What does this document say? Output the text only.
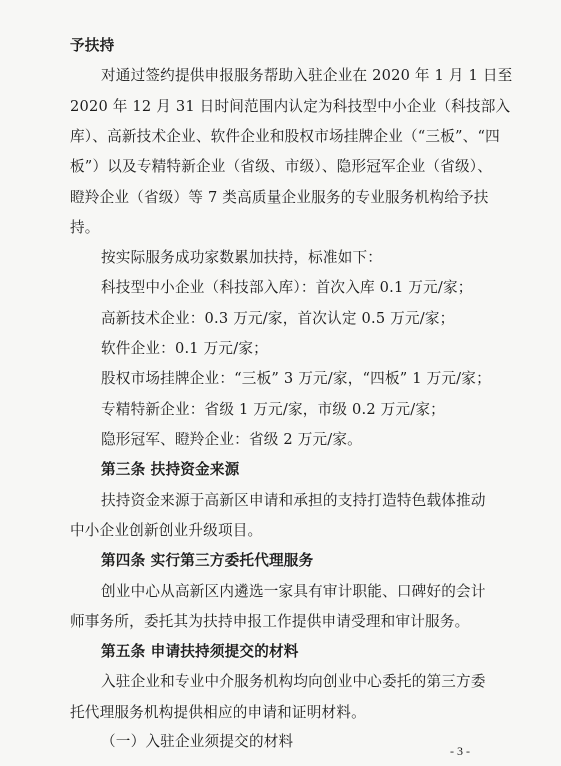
予扶持
对通过签约提供申报服务帮助入驻企业在 2020 年 1 月 1 日至
2020 年 12 月 31 日时间范围内认定为科技型中小企业（科技部入
库）、高新技术企业、软件企业和股权市场挂牌企业（“三板”、“四
板”）以及专精特新企业（省级、市级）、隐形冠军企业（省级）、
瞪羚企业（省级）等 7 类高质量企业服务的专业服务机构给予扶
持。
按实际服务成功家数累加扶持，标准如下：
科技型中小企业（科技部入库）：首次入库 0.1 万元/家；
高新技术企业：0.3 万元/家，首次认定 0.5 万元/家；
软件企业：0.1 万元/家；
股权市场挂牌企业：“三板” 3 万元/家，“四板” 1 万元/家；
专精特新企业：省级 1 万元/家，市级 0.2 万元/家；
隐形冠军、瞪羚企业：省级 2 万元/家。
第三条 扶持资金来源
扶持资金来源于高新区申请和承担的支持打造特色载体推动
中小企业创新创业升级项目。
第四条 实行第三方委托代理服务
创业中心从高新区内遴选一家具有审计职能、口碑好的会计
师事务所，委托其为扶持申报工作提供申请受理和审计服务。
第五条 申请扶持须提交的材料
入驻企业和专业中介服务机构均向创业中心委托的第三方委
托代理服务机构提供相应的申请和证明材料。
（一）入驻企业须提交的材料
- 3 -
